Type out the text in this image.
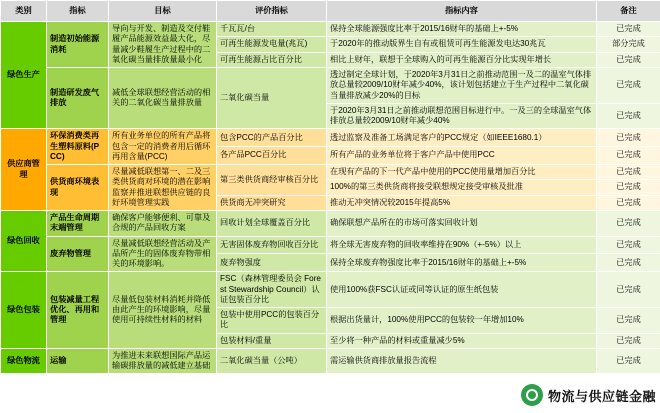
类别	指标	目标	评价指标	指标内容	备注
绿色生产	制造初始能源消耗	导向与开发、制造及交付鞋履产品能源效益最大化，尽量减少鞋履生产过程中的二氧化碳当量排放量最小化	千瓦瓦/台	保持全球能源强度比率于2015/16财年的基础上+-5%	已完成
			可再生能源发电量(兆瓦)	于2020年的推动版界生自有或租赁可再生能源发电达30兆瓦	部分完成
			可再生能源占比百分比	相比上财年，联想于全球购入的可再生能源百分比实现年增长	已完成
	制造研发废气排放	减低全球联想经营活动的相关的二氧化碳当量排放量	二氧化碳当量	透过制定全球计划，于2020年3月31日之前推动范围一及二的温室气体排放总量较2009/10财年减少40%，该计划包括建立于生产过程中二氧化碳当量排放减少20%的目标	已完成
				于2020年3月31日之前推动联想范围目标进行中。一及三的全球温室气体排放总量较2009/10财年减少40%	已完成
供应商管理	环保消费类再生塑料原料(PCC)	所有业务单位的所有产品将包含一定的消费者用后循环再用含量(PCC)	包含PCC的产品百分比	透过监察及准备工场满足客户的PCC规定（如IEEE1680.1）	已完成
			各产品PCC百分比	所有产品的业务单位将于客户产品中使用PCC	已完成
	供货商环境表现	尽量减低联想第一、二及三类供货商对环境的潜在影响监察并推进联想供应链的良好环境管理实践	第三类供货商经审核百分比	在现有产品的下一代产品中使用的PCC使用量增加百分比	已完成
				100%的第三类供货商将接受联想规定接受审核及批准	已完成
			供货商无冲突研究	推动无冲突情况较2015年提高5%	已完成
绿色回收	产品生命周期末端管理	确保客户能够便利、可靠及合规的产品回收方案	回收计划全球覆盖百分比	确保联想产品所在的市场可落实回收计划	已完成
	废弃物管理	尽量减低联想经营活动及产品所产生的固体废弃物带相关的环境影响。	无害固体废弃物回收百分比	将全球无害废弃物的回收率维持在90%（+-5%）以上	已完成
			废弃物强度	保持全球废弃物强度比率于2015/16财年的基础上+-5%	已完成
绿色包装	包装减量工程优化、再用和管理	尽量低包装材料消耗并降低由此产生的环境影响，尽量使用可持续性材料的材料	FSC（森林管理委员会 Forest Stewardship Council）认证包装百分比	使用100%获FSC认证或同等认证的原生纸包装	已完成
			包装中使用PCC的包装百分比	根据出货量计，100%使用PCC的包装较一年增加10%	已完成
			包装材料/重量	至少将一种产品的材料或重量减少5%	已完成
绿色物流	运输	为推进未来联想国际产品运输碳排放量的减低建立基础	二氧化碳当量（公吨）	需运输供货商排放量报告流程	已完成
物流与供应链金融
